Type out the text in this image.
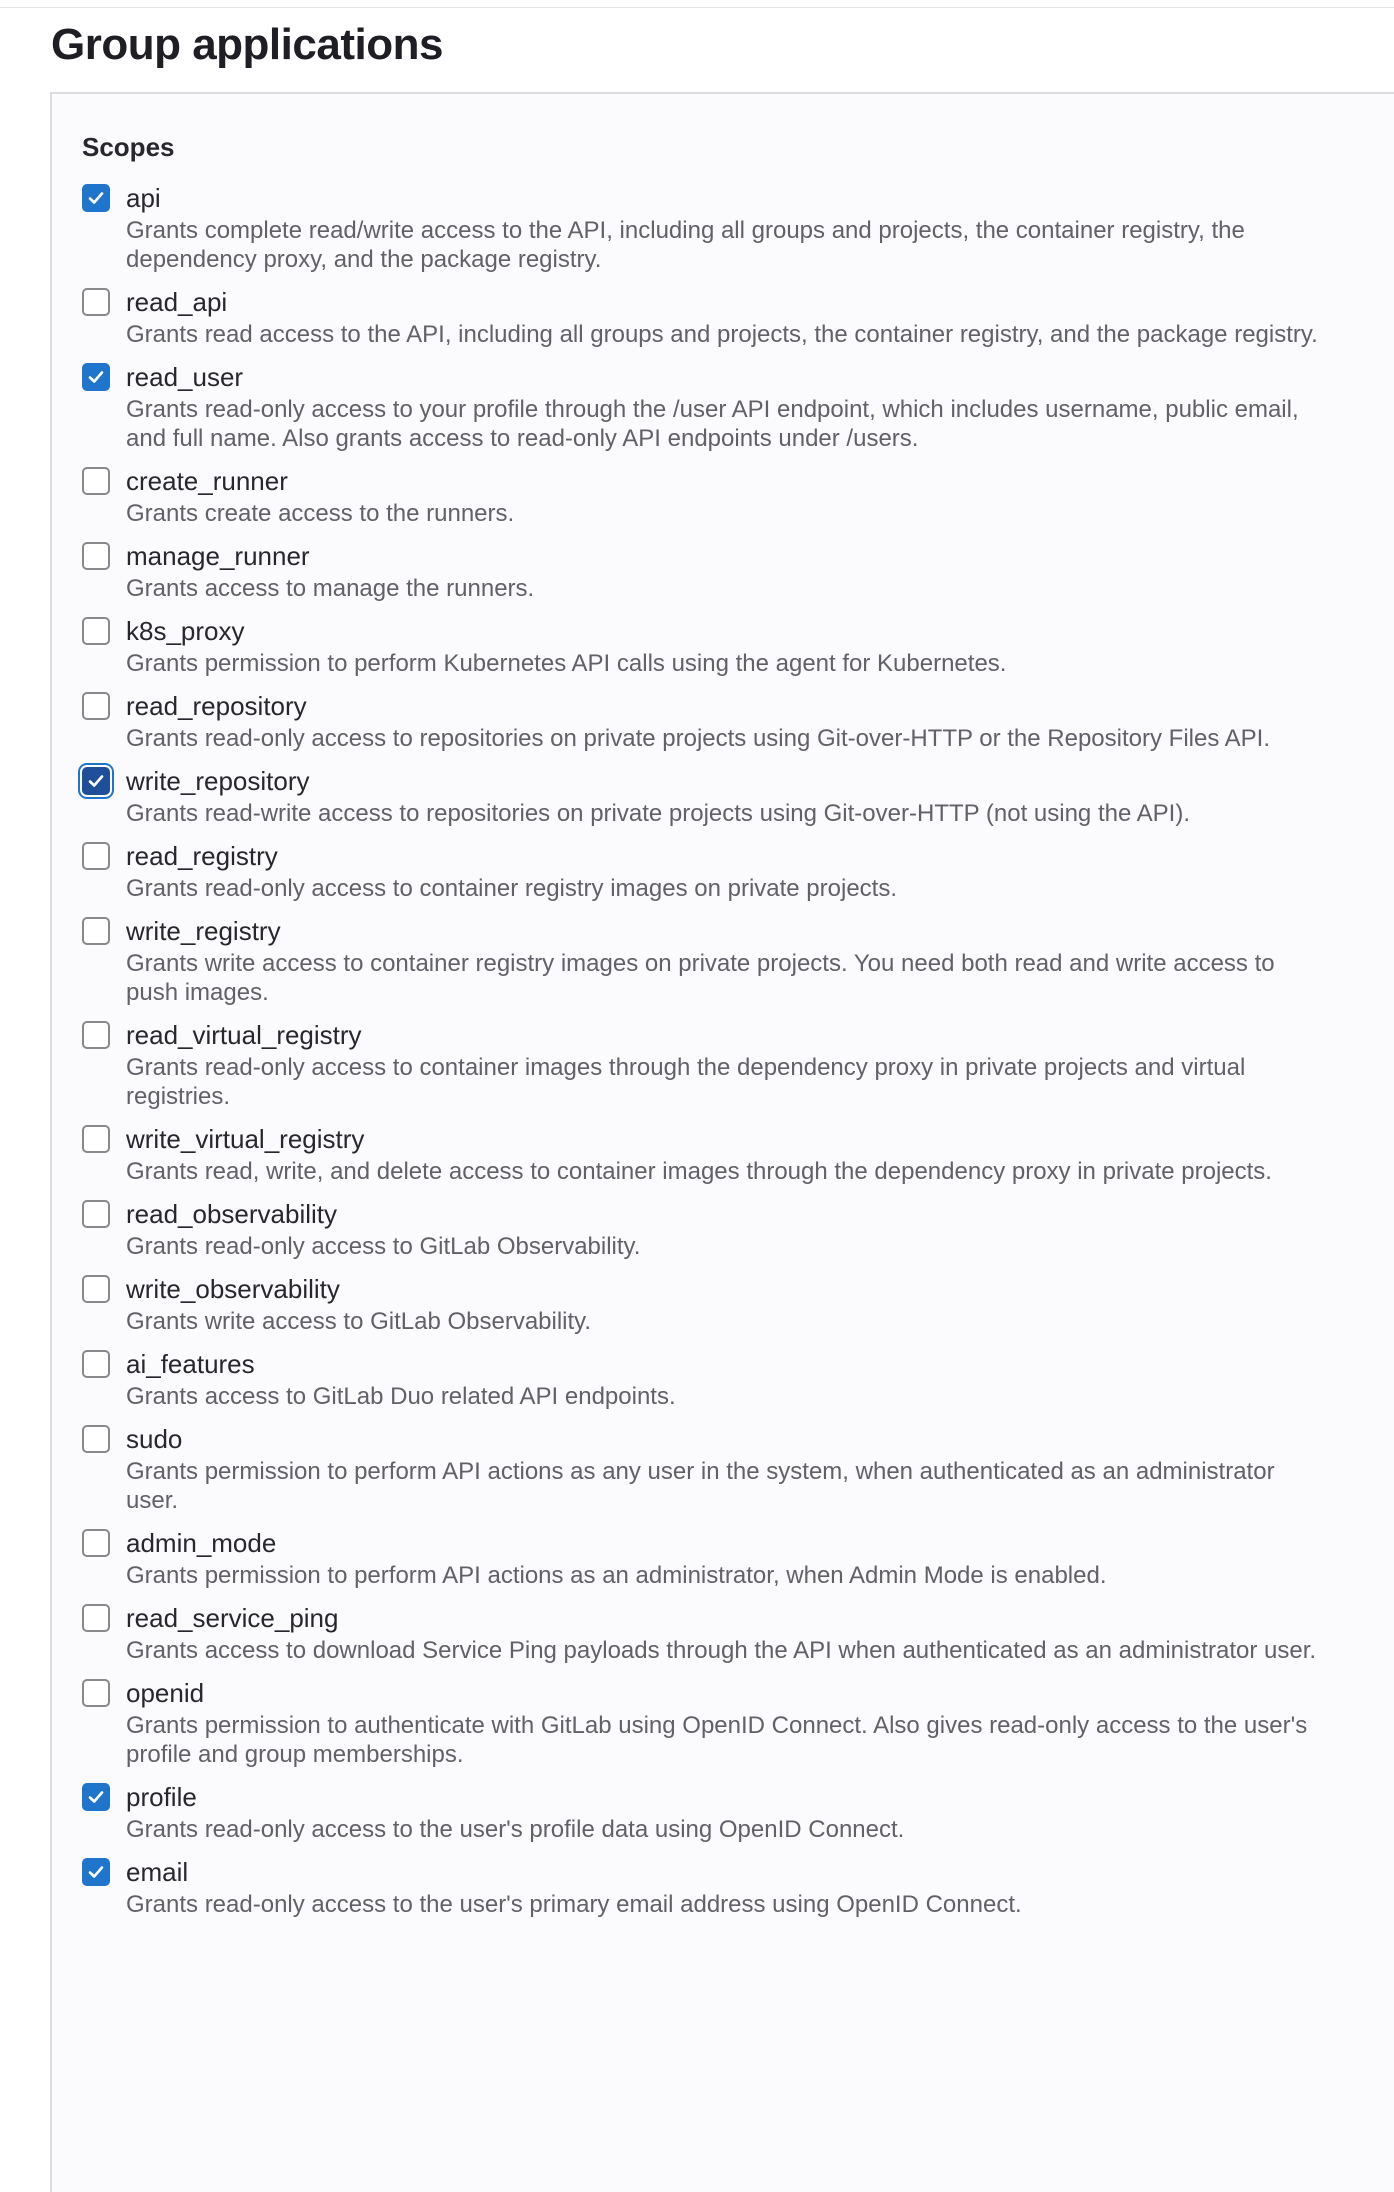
Group applications
Scopes
api
Grants complete read/write access to the API, including all groups and projects, the container registry, the dependency proxy, and the package registry.
read_api
Grants read access to the API, including all groups and projects, the container registry, and the package registry.
read_user
Grants read-only access to your profile through the /user API endpoint, which includes username, public email, and full name. Also grants access to read-only API endpoints under /users.
create_runner
Grants create access to the runners.
manage_runner
Grants access to manage the runners.
k8s_proxy
Grants permission to perform Kubernetes API calls using the agent for Kubernetes.
read_repository
Grants read-only access to repositories on private projects using Git-over-HTTP or the Repository Files API.
write_repository
Grants read-write access to repositories on private projects using Git-over-HTTP (not using the API).
read_registry
Grants read-only access to container registry images on private projects.
write_registry
Grants write access to container registry images on private projects. You need both read and write access to push images.
read_virtual_registry
Grants read-only access to container images through the dependency proxy in private projects and virtual registries.
write_virtual_registry
Grants read, write, and delete access to container images through the dependency proxy in private projects.
read_observability
Grants read-only access to GitLab Observability.
write_observability
Grants write access to GitLab Observability.
ai_features
Grants access to GitLab Duo related API endpoints.
sudo
Grants permission to perform API actions as any user in the system, when authenticated as an administrator user.
admin_mode
Grants permission to perform API actions as an administrator, when Admin Mode is enabled.
read_service_ping
Grants access to download Service Ping payloads through the API when authenticated as an administrator user.
openid
Grants permission to authenticate with GitLab using OpenID Connect. Also gives read-only access to the user's profile and group memberships.
profile
Grants read-only access to the user's profile data using OpenID Connect.
email
Grants read-only access to the user's primary email address using OpenID Connect.
